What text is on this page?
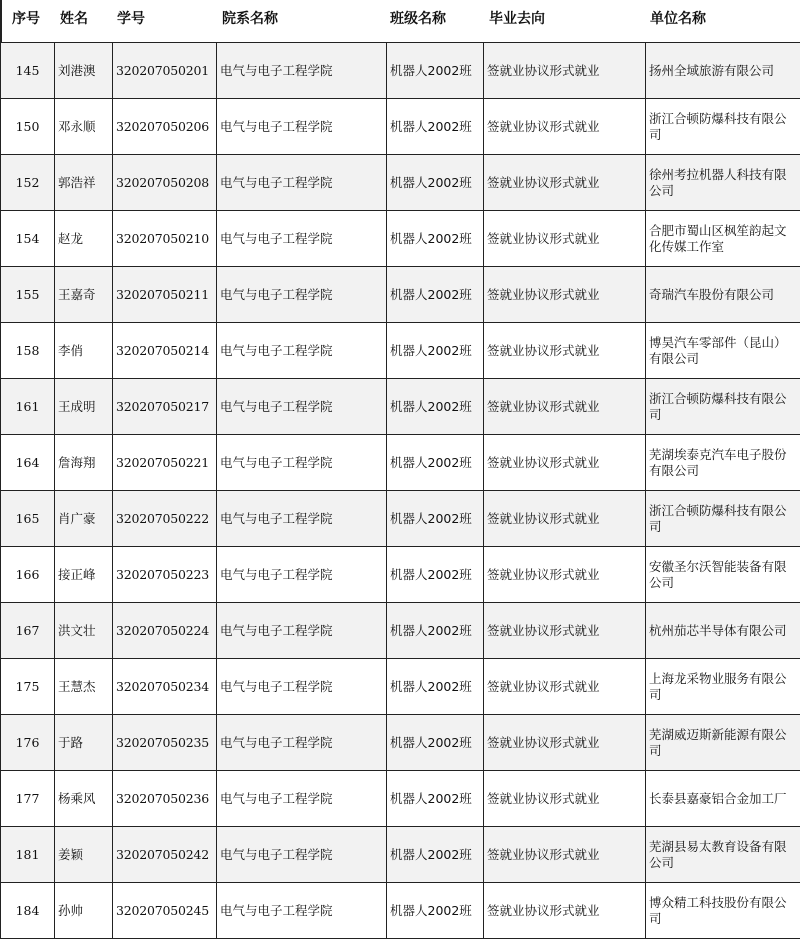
序号 姓名 学号	院系名称	班级名称	毕业去向	单位名称
145	刘港澳	320207050201	电气与电子工程学院	机器人2002班	签就业协议形式就业	扬州全域旅游有限公司
150	邓永顺	320207050206	电气与电子工程学院	机器人2002班	签就业协议形式就业	浙江合顿防爆科技有限公司
152	郭浩祥	320207050208	电气与电子工程学院	机器人2002班	签就业协议形式就业	徐州考拉机器人科技有限公司
154	赵龙	320207050210	电气与电子工程学院	机器人2002班	签就业协议形式就业	合肥市蜀山区枫笙韵起文化传媒工作室
155	王嘉奇	320207050211	电气与电子工程学院	机器人2002班	签就业协议形式就业	奇瑞汽车股份有限公司
158	李俏	320207050214	电气与电子工程学院	机器人2002班	签就业协议形式就业	博昊汽车零部件（昆山）有限公司
161	王成明	320207050217	电气与电子工程学院	机器人2002班	签就业协议形式就业	浙江合顿防爆科技有限公司
164	詹海翔	320207050221	电气与电子工程学院	机器人2002班	签就业协议形式就业	芜湖埃泰克汽车电子股份有限公司
165	肖广豪	320207050222	电气与电子工程学院	机器人2002班	签就业协议形式就业	浙江合顿防爆科技有限公司
166	接正峰	320207050223	电气与电子工程学院	机器人2002班	签就业协议形式就业	安徽圣尔沃智能装备有限公司
167	洪文壮	320207050224	电气与电子工程学院	机器人2002班	签就业协议形式就业	杭州茄芯半导体有限公司
175	王慧杰	320207050234	电气与电子工程学院	机器人2002班	签就业协议形式就业	上海龙采物业服务有限公司
176	于路	320207050235	电气与电子工程学院	机器人2002班	签就业协议形式就业	芜湖威迈斯新能源有限公司
177	杨乘风	320207050236	电气与电子工程学院	机器人2002班	签就业协议形式就业	长泰县嘉豪铝合金加工厂
181	姜颖	320207050242	电气与电子工程学院	机器人2002班	签就业协议形式就业	芜湖县易太教育设备有限公司
184	孙帅	320207050245	电气与电子工程学院	机器人2002班	签就业协议形式就业	博众精工科技股份有限公司
